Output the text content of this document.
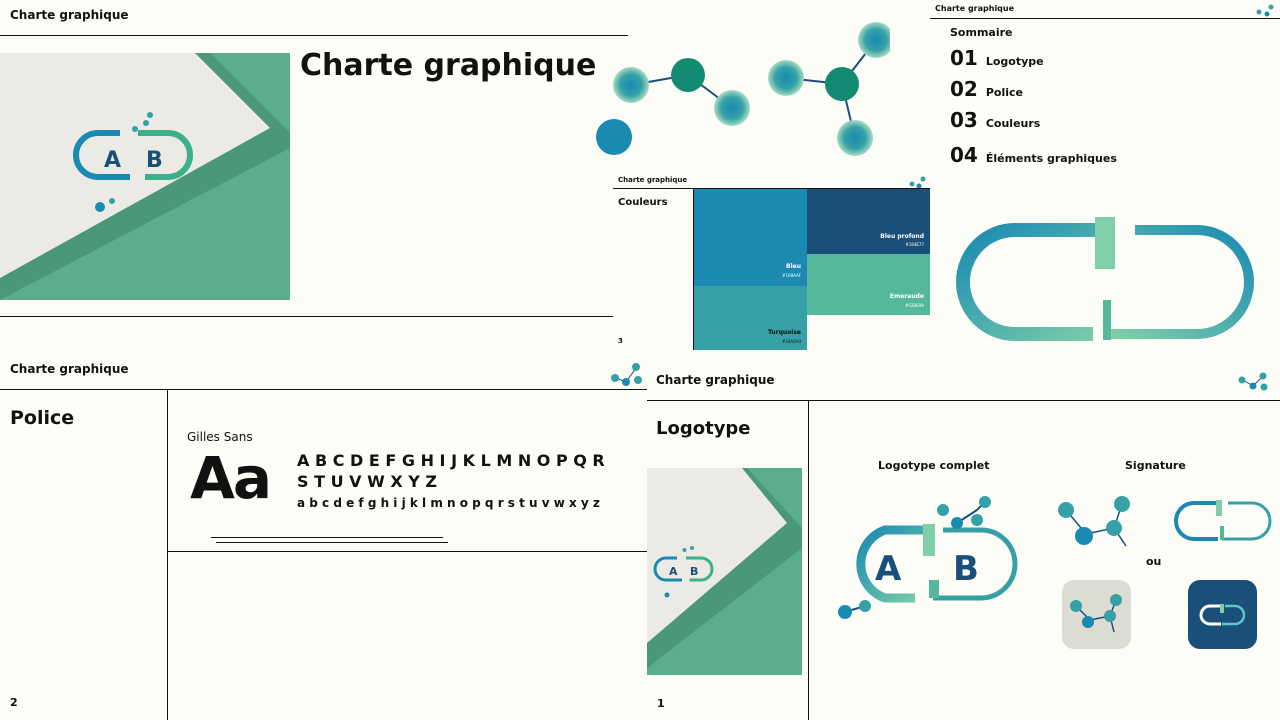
Charte graphique
Charte graphique
A B
Charte graphique
Sommaire
01 Logotype
02 Police
03 Couleurs
04 Éléments graphiques
Charte graphique
Couleurs
Bleu
#168AAF
Bleu profond
#184E77
Turquoise
#34A0A4
Emeraude
#52B69A
3
Charte graphique
Police
Gilles Sans
Aa A B C D E F G H I J K L M N O P Q R
S T U V W X Y Z
a b c d e f g h i j k l m n o p q r s t u v w x y z
2
Charte graphique
Logotype
A B
1
Logotype complet	Signature
A B	ou
